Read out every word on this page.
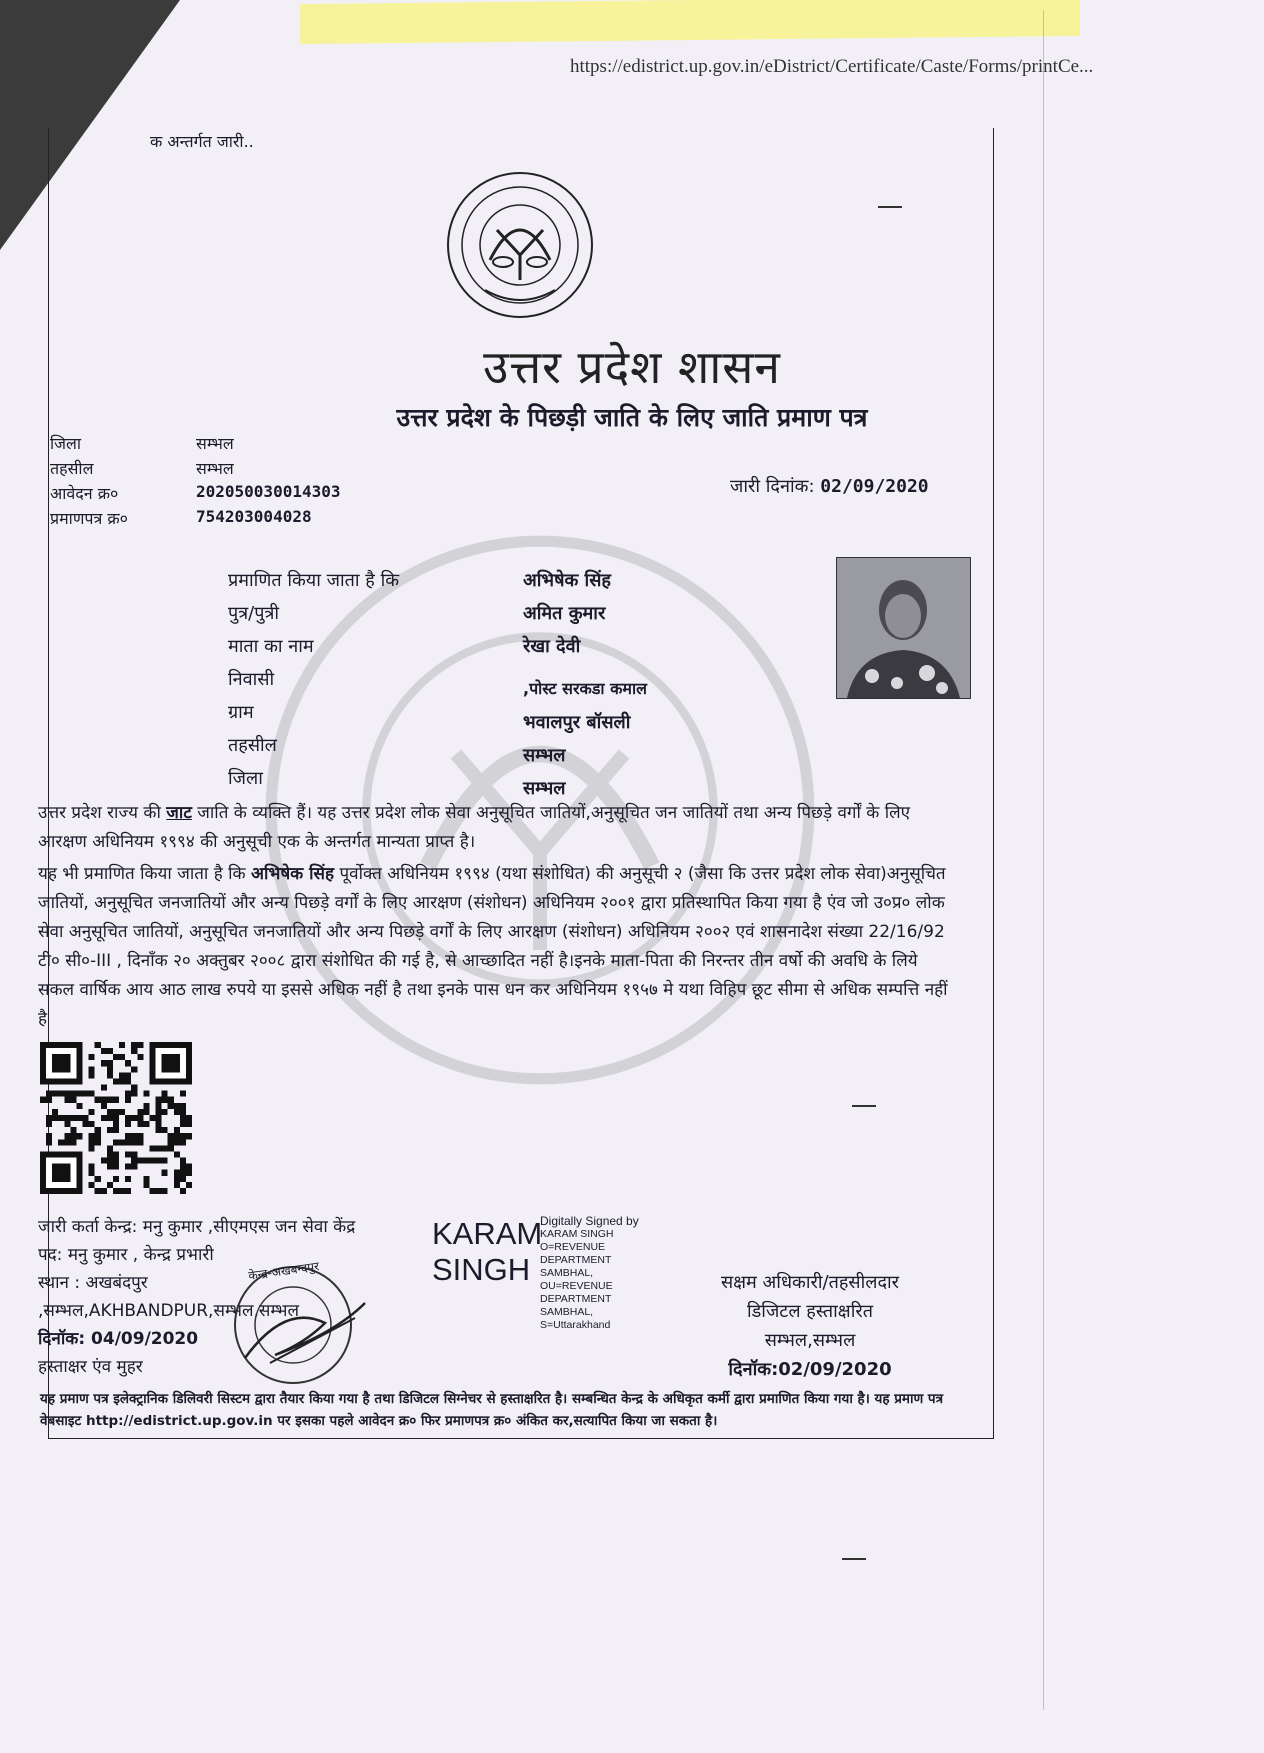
https://edistrict.up.gov.in/eDistrict/Certificate/Caste/Forms/printCe...
क अन्तर्गत जारी..
उत्तर प्रदेश शासन
उत्तर प्रदेश के पिछड़ी जाति के लिए जाति प्रमाण पत्र
जिला	सम्भल
तहसील	सम्भल
आवेदन क्र०	202050030014303
प्रमाणपत्र क्र०	754203004028
जारी दिनांक: 02/09/2020
प्रमाणित किया जाता है कि	अभिषेक सिंह
पुत्र/पुत्री	अमित कुमार
माता का नाम	रेखा देवी
निवासी	,पोस्ट सरकडा कमाल
ग्राम	भवालपुर बॉसली
तहसील	सम्भल
जिला	सम्भल
उत्तर प्रदेश राज्य की जाट जाति के व्यक्ति हैं। यह उत्तर प्रदेश लोक सेवा अनुसूचित जातियों,अनुसूचित जन जातियों तथा अन्य पिछड़े वर्गों के लिए आरक्षण अधिनियम १९९४ की अनुसूची एक के अन्तर्गत मान्यता प्राप्त है।
यह भी प्रमाणित किया जाता है कि अभिषेक सिंह पूर्वोक्त अधिनियम १९९४ (यथा संशोधित) की अनुसूची २ (जैसा कि उत्तर प्रदेश लोक सेवा)अनुसूचित जातियों, अनुसूचित जनजातियों और अन्य पिछड़े वर्गों के लिए आरक्षण (संशोधन) अधिनियम २००१ द्वारा प्रतिस्थापित किया गया है एंव जो उ०प्र० लोक सेवा अनुसूचित जातियों, अनुसूचित जनजातियों और अन्य पिछड़े वर्गों के लिए आरक्षण (संशोधन) अधिनियम २००२ एवं शासनादेश संख्या 22/16/92 टी० सी०-III , दिनाँक २० अक्तुबर २००८ द्वारा संशोधित की गई है, से आच्छादित नहीं है।इनके माता-पिता की निरन्तर तीन वर्षो की अवधि के लिये सकल वार्षिक आय आठ लाख रुपये या इससे अधिक नहीं है तथा इनके पास धन कर अधिनियम १९५७ मे यथा विहिप छूट सीमा से अधिक सम्पत्ति नहीं है
जारी कर्ता केन्द्र: मनु कुमार ,सीएमएस जन सेवा केंद्र
पद: मनु कुमार , केन्द्र प्रभारी
स्थान : अखबंदपुर
,सम्भल,AKHBANDPUR,सम्भल,सम्भल
दिनॉक: 04/09/2020
हस्ताक्षर एंव मुहर
केन्द्र-अखबन्दपुर
KARAM
SINGH
Digitally Signed by
KARAM SINGH
O=REVENUE
DEPARTMENT
SAMBHAL,
OU=REVENUE
DEPARTMENT
SAMBHAL,
S=Uttarakhand
सक्षम अधिकारी/तहसीलदार
डिजिटल हस्ताक्षरित
सम्भल,सम्भल
दिनॉक:02/09/2020
यह प्रमाण पत्र इलेक्ट्रानिक डिलिवरी सिस्टम द्वारा तैयार किया गया है तथा डिजिटल सिग्नेचर से हस्ताक्षरित है। सम्बन्धित केन्द्र के अधिकृत कर्मी द्वारा प्रमाणित किया गया है। यह प्रमाण पत्र वेबसाइट http://edistrict.up.gov.in पर इसका पहले आवेदन क्र० फिर प्रमाणपत्र क्र० अंकित कर,सत्यापित किया जा सकता है।
